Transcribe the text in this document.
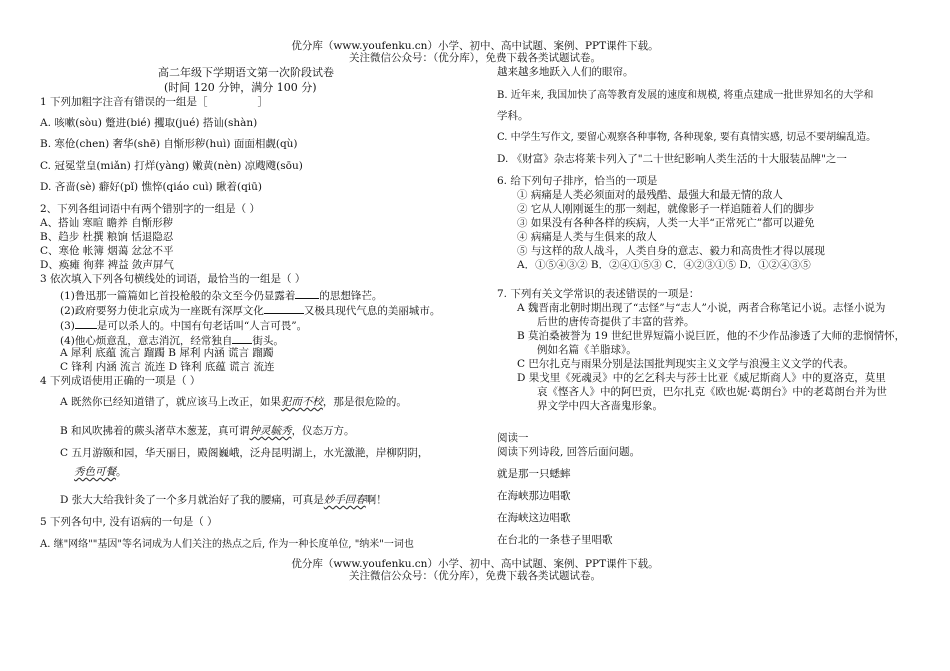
优分库（www.youfenku.cn）小学、初中、高中试题、案例、PPT课件下载。
关注微信公众号：（优分库），免费下载各类试题试卷。
高二年级下学期语文第一次阶段试卷
(时间 120 分钟，满分 100 分)
1 下列加粗字注音有错误的一组是［	］
A. 咳嗽(sòu) 蹩进(bié) 攫取(jué) 搭讪(shàn)
B. 寒伧(chen) 奢华(shē) 自惭形秽(huì) 面面相觑(qù)
C. 冠冕堂皇(miǎn) 打烊(yàng) 嫩黄(nèn) 凉飕飕(sōu)
D. 吝啬(sè) 癖好(pǐ) 憔悴(qiáo cuì) 瞅着(qiū)
2、下列各组词语中有两个错别字的一组是（ ）
A、搭讪 寒暄 瞻养 自惭形秽
B、趋步 杜撰 粮饷 恬退隐忍
C、寒伧 帐簿 烟蔼 忿忿不平
D、痪瘫 徇葬 裨益 敛声屏气
3 依次填入下列各句横线处的词语，最恰当的一组是（ ）
(1)鲁迅那一篇篇如匕首投枪般的杂文至今仍显露着 的思想锋芒。
(2)政府要努力使北京成为一座既有深厚文化	又极具现代气息的美丽城市。
(3) 是可以杀人的。中国有句老话叫“人言可畏”。
(4)他心烦意乱，意志消沉，经常独自 街头。
A 犀利 底蕴 流言 蹓躅 B 犀利 内涵 谎言 蹓躅
C 锋利 内涵 流言 流连 D 锋利 底蕴 谎言 流连
4 下列成语使用正确的一项是（ ）
A 既然你已经知道错了，就应该马上改正，如果犯而不校，那是很危险的。
B 和风吹拂着的蕨头渚草木葱茏，真可谓钟灵毓秀，仪态万方。
C 五月游颐和园，华天丽日，殿阁巍峨，泛舟昆明湖上，水光激滟，岸柳阴阴，
秀色可餐。
D 张大大给我针灸了一个多月就治好了我的腰痛，可真是妙手回春啊！
5 下列各句中, 没有语病的一句是（ ）
A. 继"网络""基因"等名词成为人们关注的热点之后, 作为一种长度单位, "纳米"一词也
越来越多地跃入人们的眼帘。
B. 近年来, 我国加快了高等教育发展的速度和规模, 将重点建成一批世界知名的大学和
学科。
C. 中学生写作文, 要留心观察各种事物, 各种现象, 要有真情实感, 切忌不要胡编乱造。
D. 《财富》杂志将莱卡列入了"二十世纪影响人类生活的十大服装品牌"之一
6. 给下列句子排序，恰当的一项是
① 病痛是人类必须面对的最残酷、最强大和最无情的敌人
② 它从人刚刚诞生的那一刻起，就像影子一样追随着人们的脚步
③ 如果没有各种各样的疾病，人类一大半“正常死亡”都可以避免
④ 病痛是人类与生俱来的敌人
⑤ 与这样的敌人战斗，人类自身的意志、毅力和高贵性才得以展现
A．①⑤④③② B．②④①⑤③ C．④②③①⑤ D．①②④③⑤
7. 下列有关文学常识的表述错误的一项是：
A 魏晋南北朝时期出现了“志怪”与“志人”小说，两者合称笔记小说。志怪小说为
后世的唐传奇提供了丰富的营养。
B 莫泊桑被誉为 19 世纪世界短篇小说巨匠，他的不少作品渗透了大师的悲悯情怀，
例如名篇《羊脂球》。
C 巴尔扎克与雨果分别是法国批判现实主义文学与浪漫主义文学的代表。
D 果戈里《死魂灵》中的乞乞科夫与莎士比亚《威尼斯商人》中的夏洛克，莫里
哀《悭吝人》中的阿巴贡，巴尔扎克《欧也妮·葛朗台》中的老葛朗台并为世
界文学中四大吝啬鬼形象。
阅读一
阅读下列诗段, 回答后面问题。
就是那一只蟋蟀
在海峡那边唱歌
在海峡这边唱歌
在台北的一条巷子里唱歌
优分库（www.youfenku.cn）小学、初中、高中试题、案例、PPT课件下载。
关注微信公众号：（优分库），免费下载各类试题试卷。
